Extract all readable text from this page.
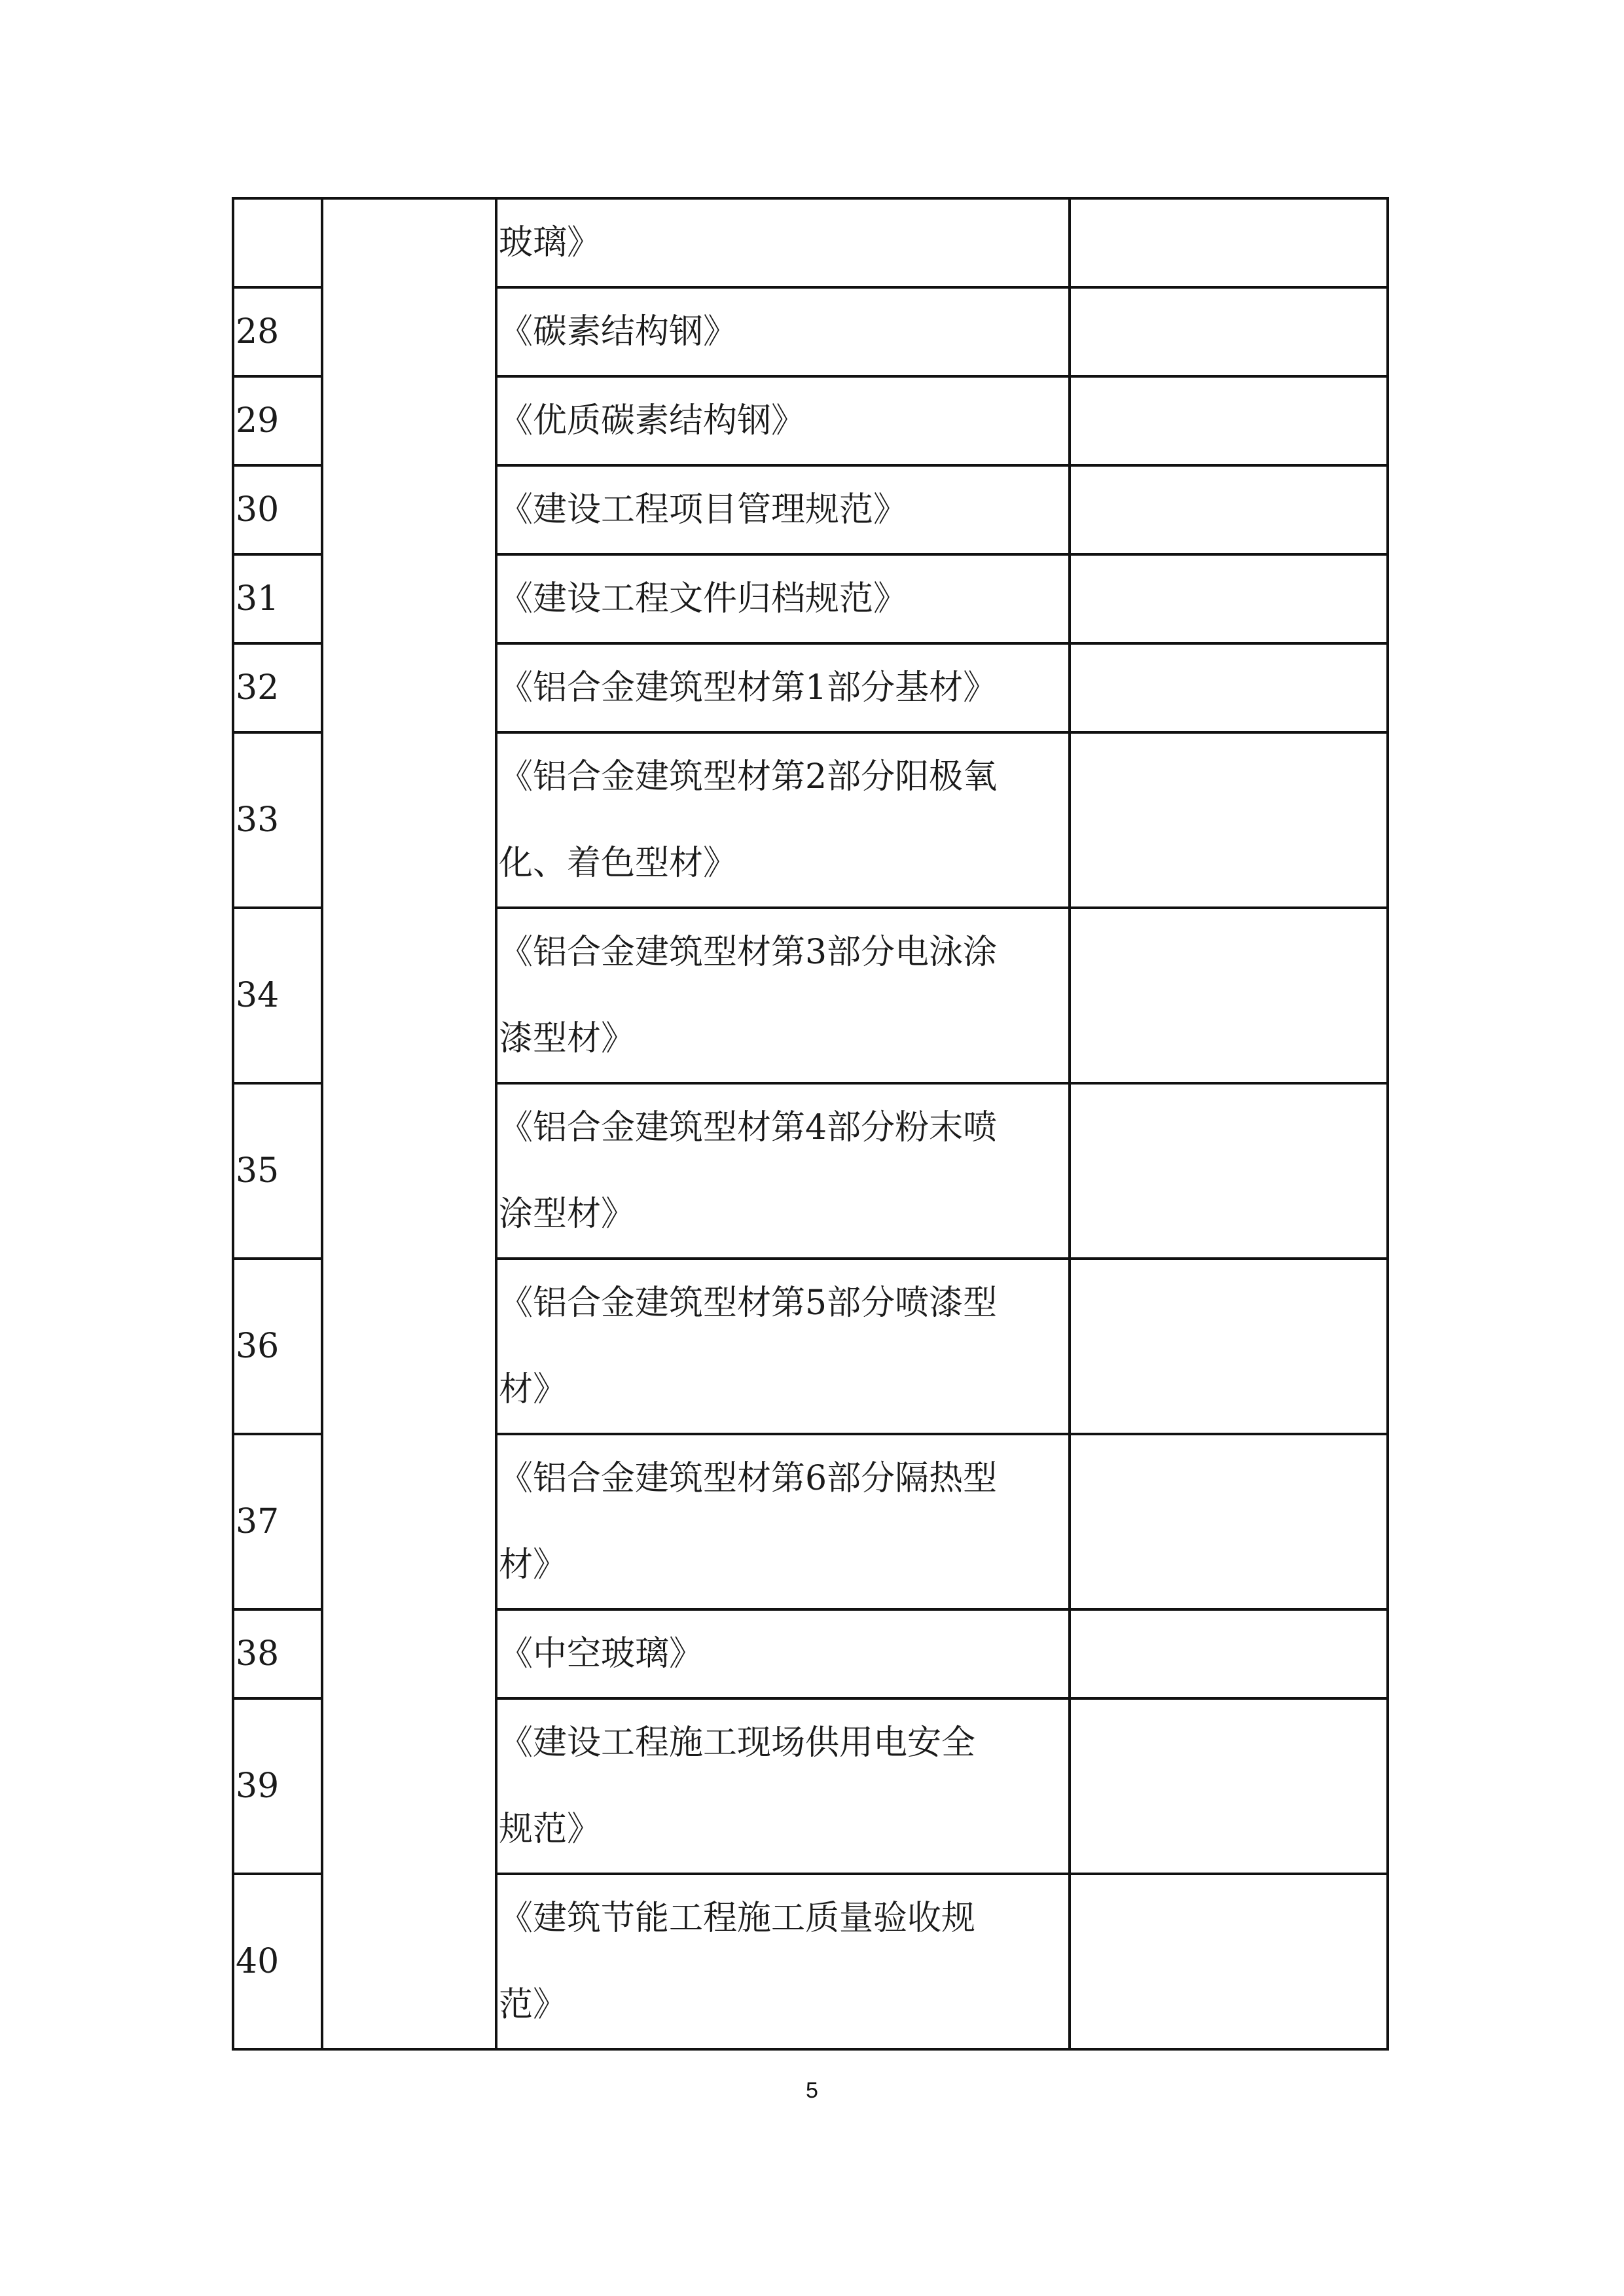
		玻璃》	
28		《碳素结构钢》	
29		《优质碳素结构钢》	
30		《建设工程项目管理规范》	
31		《建设工程文件归档规范》	
32		《铝合金建筑型材第1部分基材》	
33		《铝合金建筑型材第2部分阳极氧
化、着色型材》	
34		《铝合金建筑型材第3部分电泳涂
漆型材》	
35		《铝合金建筑型材第4部分粉末喷
涂型材》	
36		《铝合金建筑型材第5部分喷漆型
材》	
37		《铝合金建筑型材第6部分隔热型
材》	
38		《中空玻璃》	
39		《建设工程施工现场供用电安全
规范》	
40		《建筑节能工程施工质量验收规
范》	
5
